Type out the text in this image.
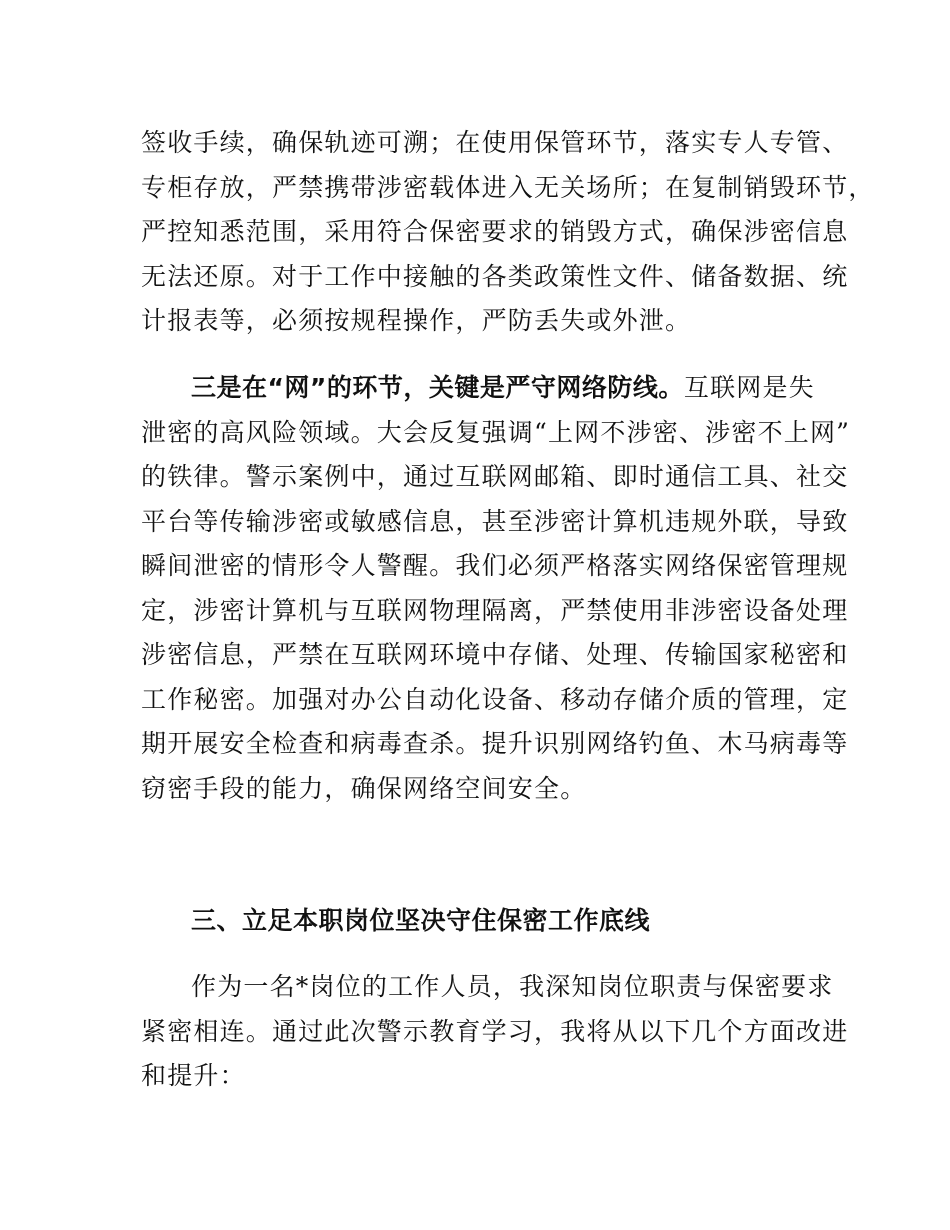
签收手续，确保轨迹可溯；在使用保管环节，落实专人专管、
专柜存放，严禁携带涉密载体进入无关场所；在复制销毁环节，
严控知悉范围，采用符合保密要求的销毁方式，确保涉密信息
无法还原。对于工作中接触的各类政策性文件、储备数据、统
计报表等，必须按规程操作，严防丢失或外泄。
三是在“网”的环节，关键是严守网络防线。互联网是失
泄密的高风险领域。大会反复强调“上网不涉密、涉密不上网”
的铁律。警示案例中，通过互联网邮箱、即时通信工具、社交
平台等传输涉密或敏感信息，甚至涉密计算机违规外联，导致
瞬间泄密的情形令人警醒。我们必须严格落实网络保密管理规
定，涉密计算机与互联网物理隔离，严禁使用非涉密设备处理
涉密信息，严禁在互联网环境中存储、处理、传输国家秘密和
工作秘密。加强对办公自动化设备、移动存储介质的管理，定
期开展安全检查和病毒查杀。提升识别网络钓鱼、木马病毒等
窃密手段的能力，确保网络空间安全。
三、立足本职岗位坚决守住保密工作底线
作为一名*岗位的工作人员，我深知岗位职责与保密要求
紧密相连。通过此次警示教育学习，我将从以下几个方面改进
和提升：
